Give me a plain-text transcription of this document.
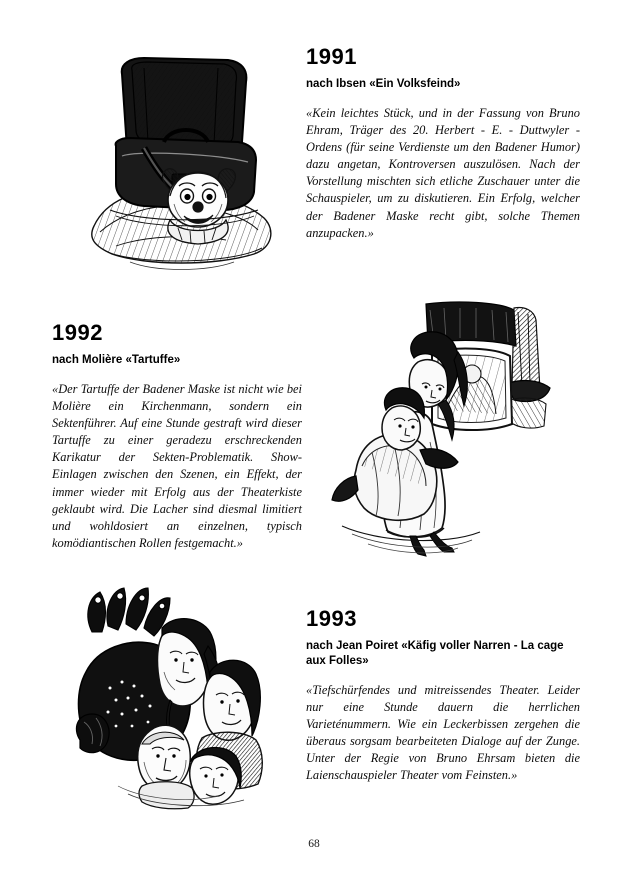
1991

nach Ibsen «Ein Volksfeind»

«Kein leichtes Stück, und in der Fassung von Bruno Ehram, Träger des 20. Herbert - E. - Duttwyler - Ordens (für seine Verdienste um den Badener Humor) dazu angetan, Kontroversen auszulösen. Nach der Vorstellung mischten sich etliche Zuschauer unter die Schauspieler, um zu diskutieren. Ein Erfolg, welcher der Badener Maske recht gibt, solche Themen anzupacken.»

1992

nach Molière «Tartuffe»

«Der Tartuffe der Badener Maske ist nicht wie bei Molière ein Kirchenmann, sondern ein Sektenführer. Auf eine Stunde gestraft wird dieser Tartuffe zu einer geradezu erschreckenden Karikatur der Sekten-Problematik. Show-Einlagen zwischen den Szenen, ein Effekt, der immer wieder mit Erfolg aus der Theaterkiste geklaubt wird. Die Lacher sind diesmal limitiert und wohldosiert an einzelnen, typisch komödiantischen Rollen festgemacht.»

1993

nach Jean Poiret «Käfig voller Narren - La cage aux Folles»

«Tiefschürfendes und mitreissendes Theater. Leider nur eine Stunde dauern die herrlichen Varieténummern. Wie ein Leckerbissen zergehen die überaus sorgsam bearbeiteten Dialoge auf der Zunge. Unter der Regie von Bruno Ehrsam bieten die Laienschauspieler Theater vom Feinsten.»

68
